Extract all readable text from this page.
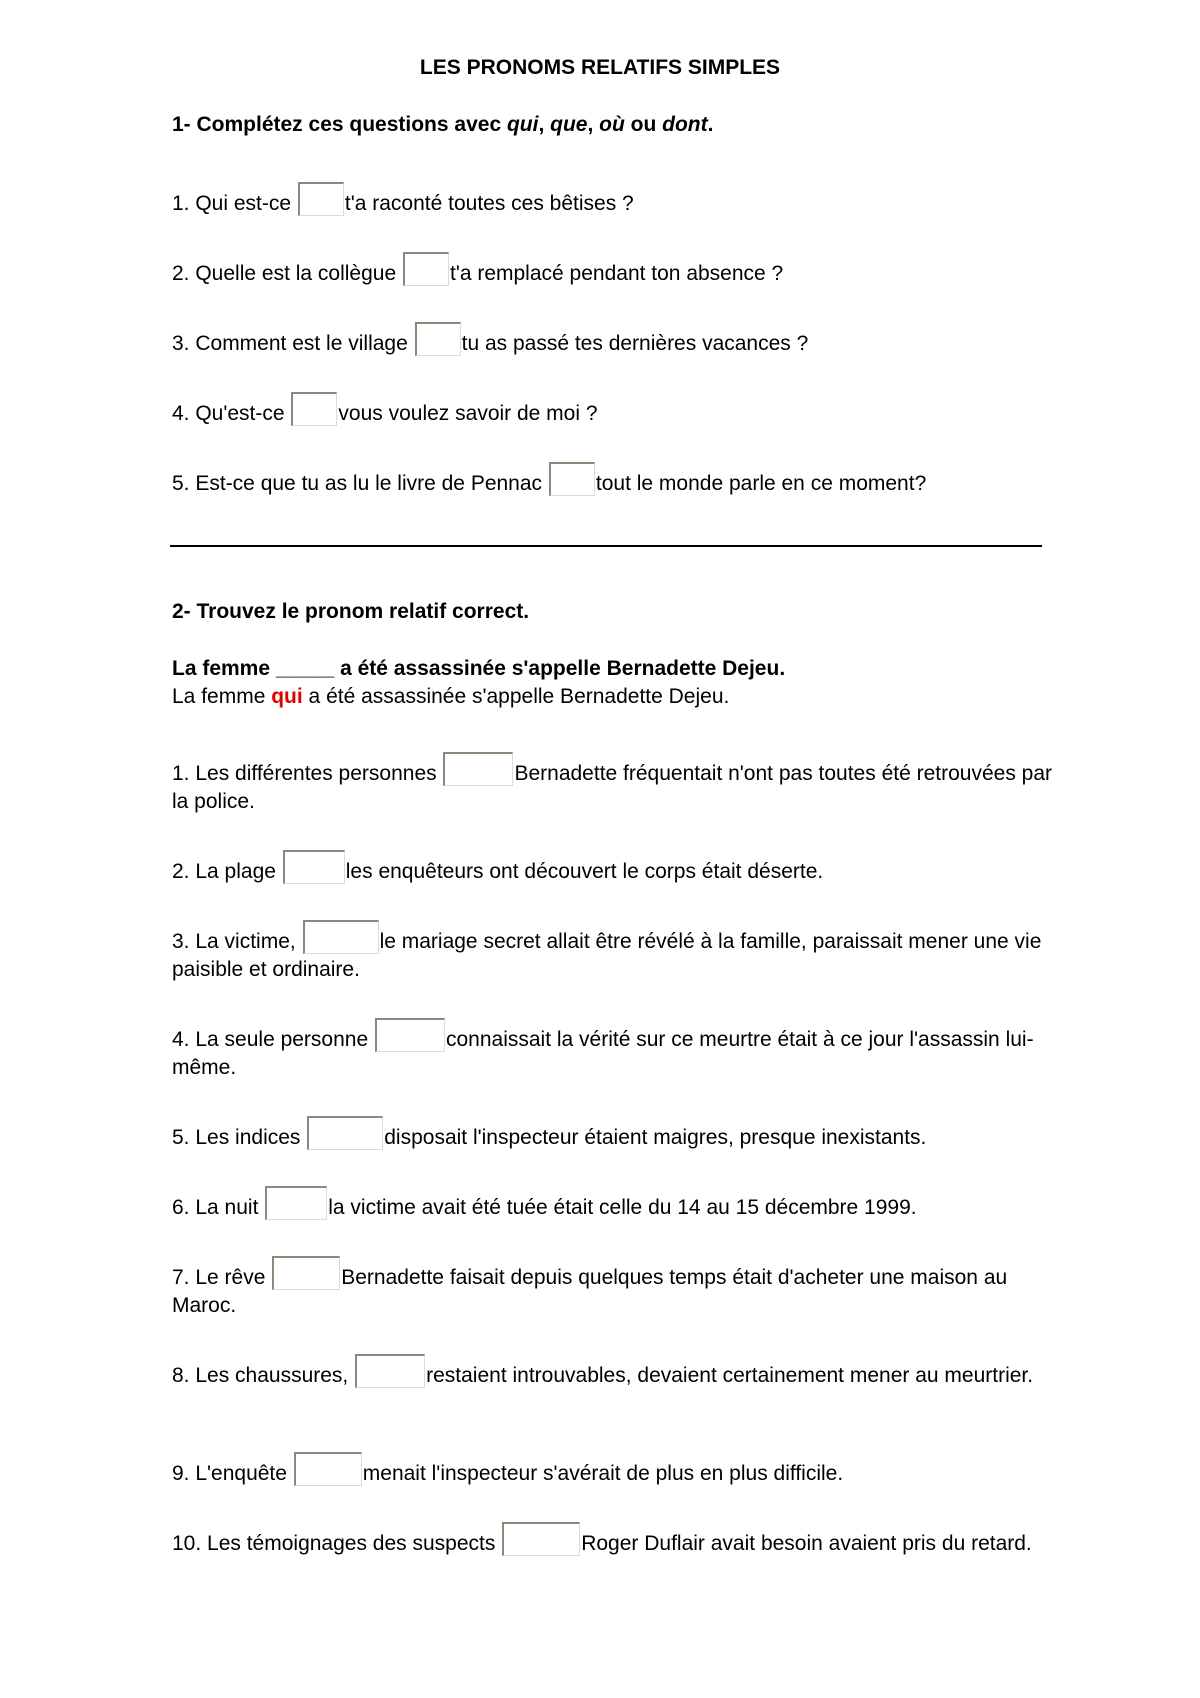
LES PRONOMS RELATIFS SIMPLES
1- Complétez ces questions avec qui, que, où ou dont.
1. Qui est-ce t'a raconté toutes ces bêtises ?
2. Quelle est la collègue t'a remplacé pendant ton absence ?
3. Comment est le village tu as passé tes dernières vacances ?
4. Qu'est-ce vous voulez savoir de moi ?
5. Est-ce que tu as lu le livre de Pennac tout le monde parle en ce moment?
2- Trouvez le pronom relatif correct.
La femme _____ a été assassinée s'appelle Bernadette Dejeu.
La femme qui a été assassinée s'appelle Bernadette Dejeu.
1. Les différentes personnes	Bernadette fréquentait n'ont pas toutes été retrouvées par la police.
2. La plage	les enquêteurs ont découvert le corps était déserte.
3. La victime,	le mariage secret allait être révélé à la famille, paraissait mener une vie paisible et ordinaire.
4. La seule personne	connaissait la vérité sur ce meurtre était à ce jour l'assassin lui-même.
5. Les indices	disposait l'inspecteur étaient maigres, presque inexistants.
6. La nuit	la victime avait été tuée était celle du 14 au 15 décembre 1999.
7. Le rêve	Bernadette faisait depuis quelques temps était d'acheter une maison au Maroc.
8. Les chaussures,	restaient introuvables, devaient certainement mener au meurtrier.
9. L'enquête	menait l'inspecteur s'avérait de plus en plus difficile.
10. Les témoignages des suspects	Roger Duflair avait besoin avaient pris du retard.
